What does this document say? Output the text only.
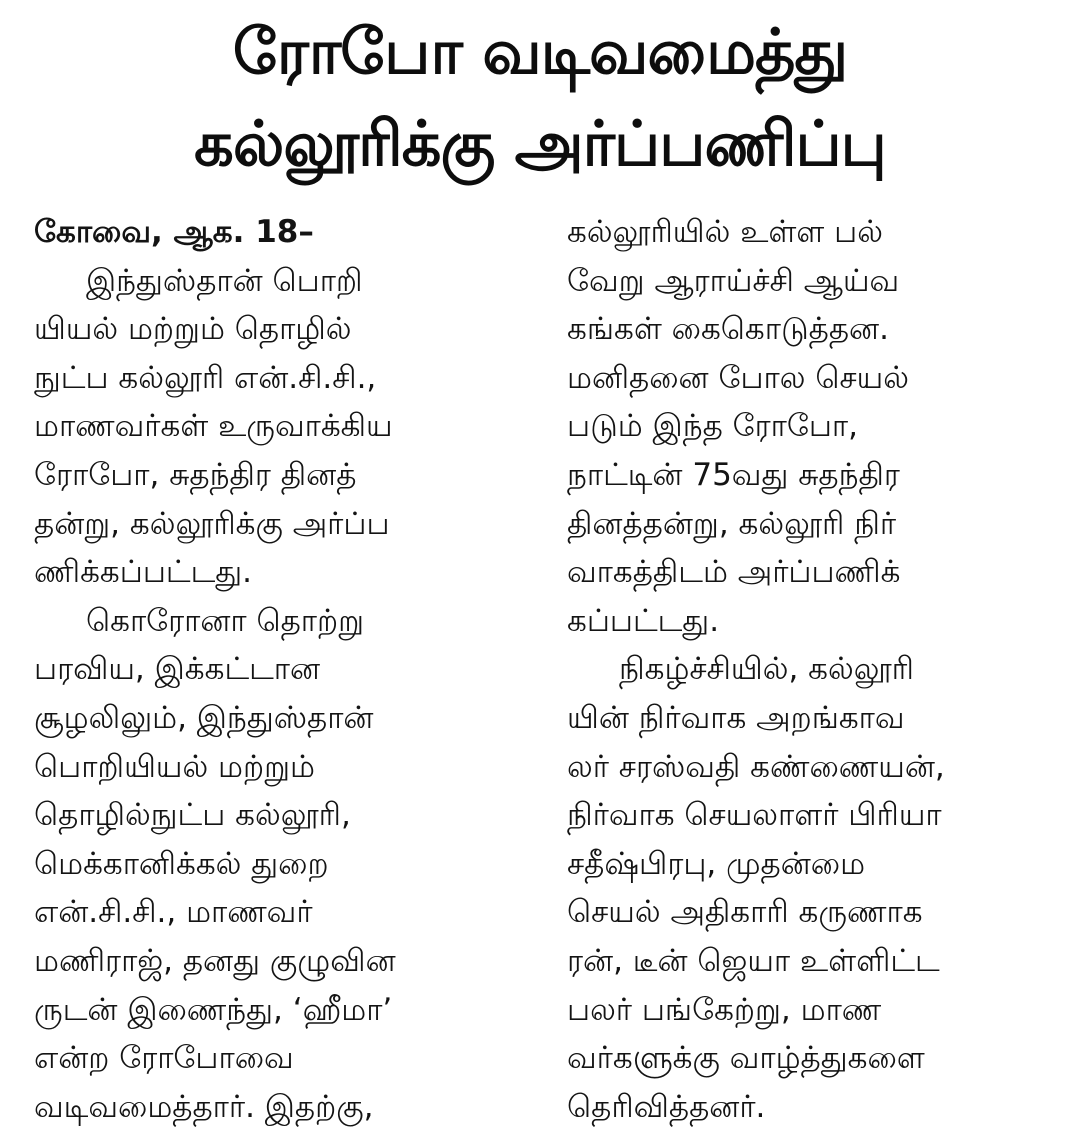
ரோபோ வடிவமைத்து
கல்லூரிக்கு அர்ப்பணிப்பு
கோவை, ஆக. 18–
இந்துஸ்தான் பொறி
யியல் மற்றும் தொழில்
நுட்ப கல்லூரி என்.சி.சி.,
மாணவர்கள் உருவாக்கிய
ரோபோ, சுதந்திர தினத்
தன்று, கல்லூரிக்கு அர்ப்ப
ணிக்கப்பட்டது.
கொரோனா தொற்று
பரவிய, இக்கட்டான
சூழலிலும், இந்துஸ்தான்
பொறியியல் மற்றும்
தொழில்நுட்ப கல்லூரி,
மெக்கானிக்கல் துறை
என்.சி.சி., மாணவர்
மணிராஜ், தனது குழுவின
ருடன் இணைந்து, ‘ஹீமா’
என்ற ரோபோவை
வடிவமைத்தார். இதற்கு,
கல்லூரியில் உள்ள பல்
வேறு ஆராய்ச்சி ஆய்வ
கங்கள் கைகொடுத்தன.
மனிதனை போல செயல்
படும் இந்த ரோபோ,
நாட்டின் 75வது சுதந்திர
தினத்தன்று, கல்லூரி நிர்
வாகத்திடம் அர்ப்பணிக்
கப்பட்டது.
நிகழ்ச்சியில், கல்லூரி
யின் நிர்வாக அறங்காவ
லர் சரஸ்வதி கண்ணையன்,
நிர்வாக செயலாளர் பிரியா
சதீஷ்பிரபு, முதன்மை
செயல் அதிகாரி கருணாக
ரன், டீன் ஜெயா உள்ளிட்ட
பலர் பங்கேற்று, மாண
வர்களுக்கு வாழ்த்துகளை
தெரிவித்தனர்.
